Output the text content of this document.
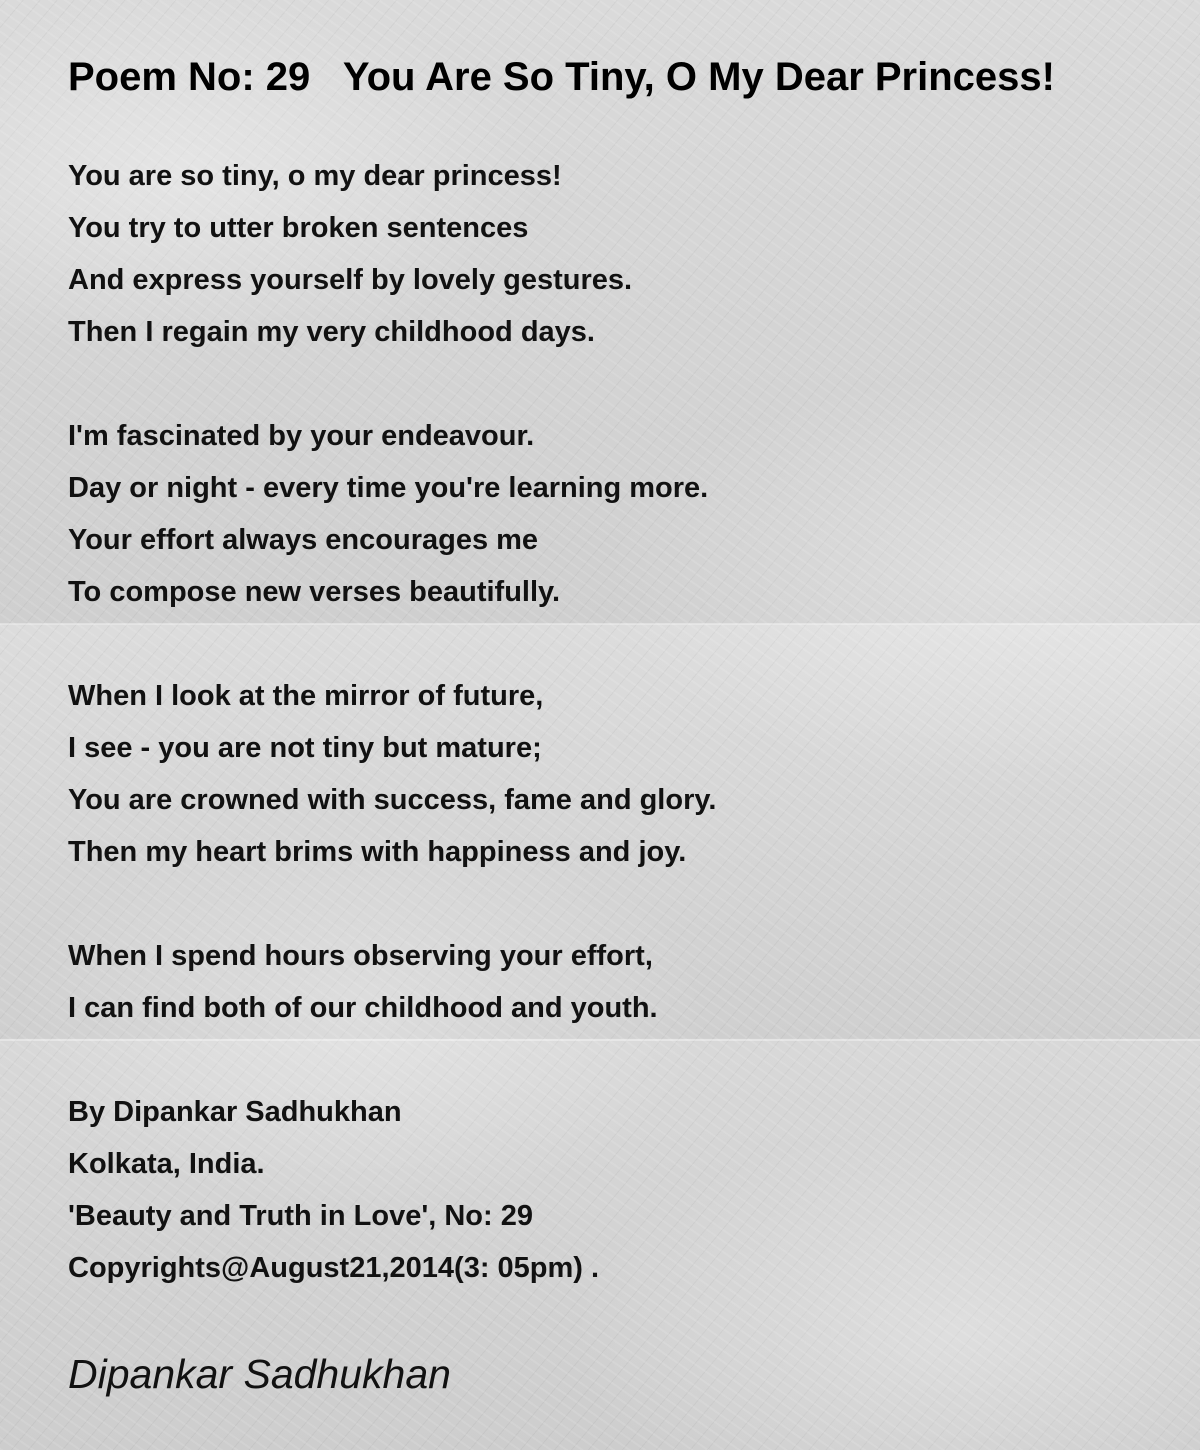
Poem No: 29   You Are So Tiny, O My Dear Princess!
You are so tiny, o my dear princess!
You try to utter broken sentences
And express yourself by lovely gestures.
Then I regain my very childhood days.
I'm fascinated by your endeavour.
Day or night - every time you're learning more.
Your effort always encourages me
To compose new verses beautifully.
When I look at the mirror of future,
I see - you are not tiny but mature;
You are crowned with success, fame and glory.
Then my heart brims with happiness and joy.
When I spend hours observing your effort,
I can find both of our childhood and youth.
By Dipankar Sadhukhan
Kolkata, India.
'Beauty and Truth in Love', No: 29
Copyrights@August21,2014(3: 05pm) .
Dipankar Sadhukhan
